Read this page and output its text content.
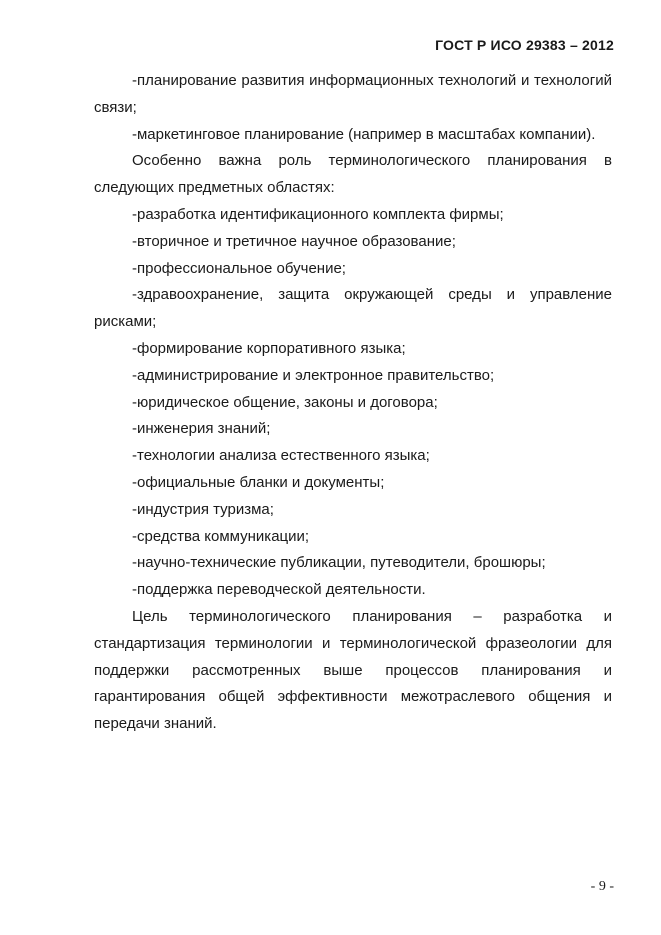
ГОСТ Р ИСО 29383 – 2012

-планирование развития информационных технологий и технологий связи;

-маркетинговое планирование (например в масштабах компании).

Особенно важна роль терминологического планирования в следующих предметных областях:

-разработка идентификационного комплекта фирмы;

-вторичное и третичное научное образование;

-профессиональное обучение;

-здравоохранение, защита окружающей среды и управление рисками;

-формирование корпоративного языка;

-администрирование и электронное правительство;

-юридическое общение, законы и договора;

-инженерия знаний;

-технологии анализа естественного языка;

-официальные бланки и документы;

-индустрия туризма;

-средства коммуникации;

-научно-технические публикации, путеводители, брошюры;

-поддержка переводческой деятельности.

Цель терминологического планирования – разработка и стандартизация терминологии и терминологической фразеологии для поддержки рассмотренных выше процессов планирования и гарантирования общей эффективности межотраслевого общения и передачи знаний.

- 9 -
